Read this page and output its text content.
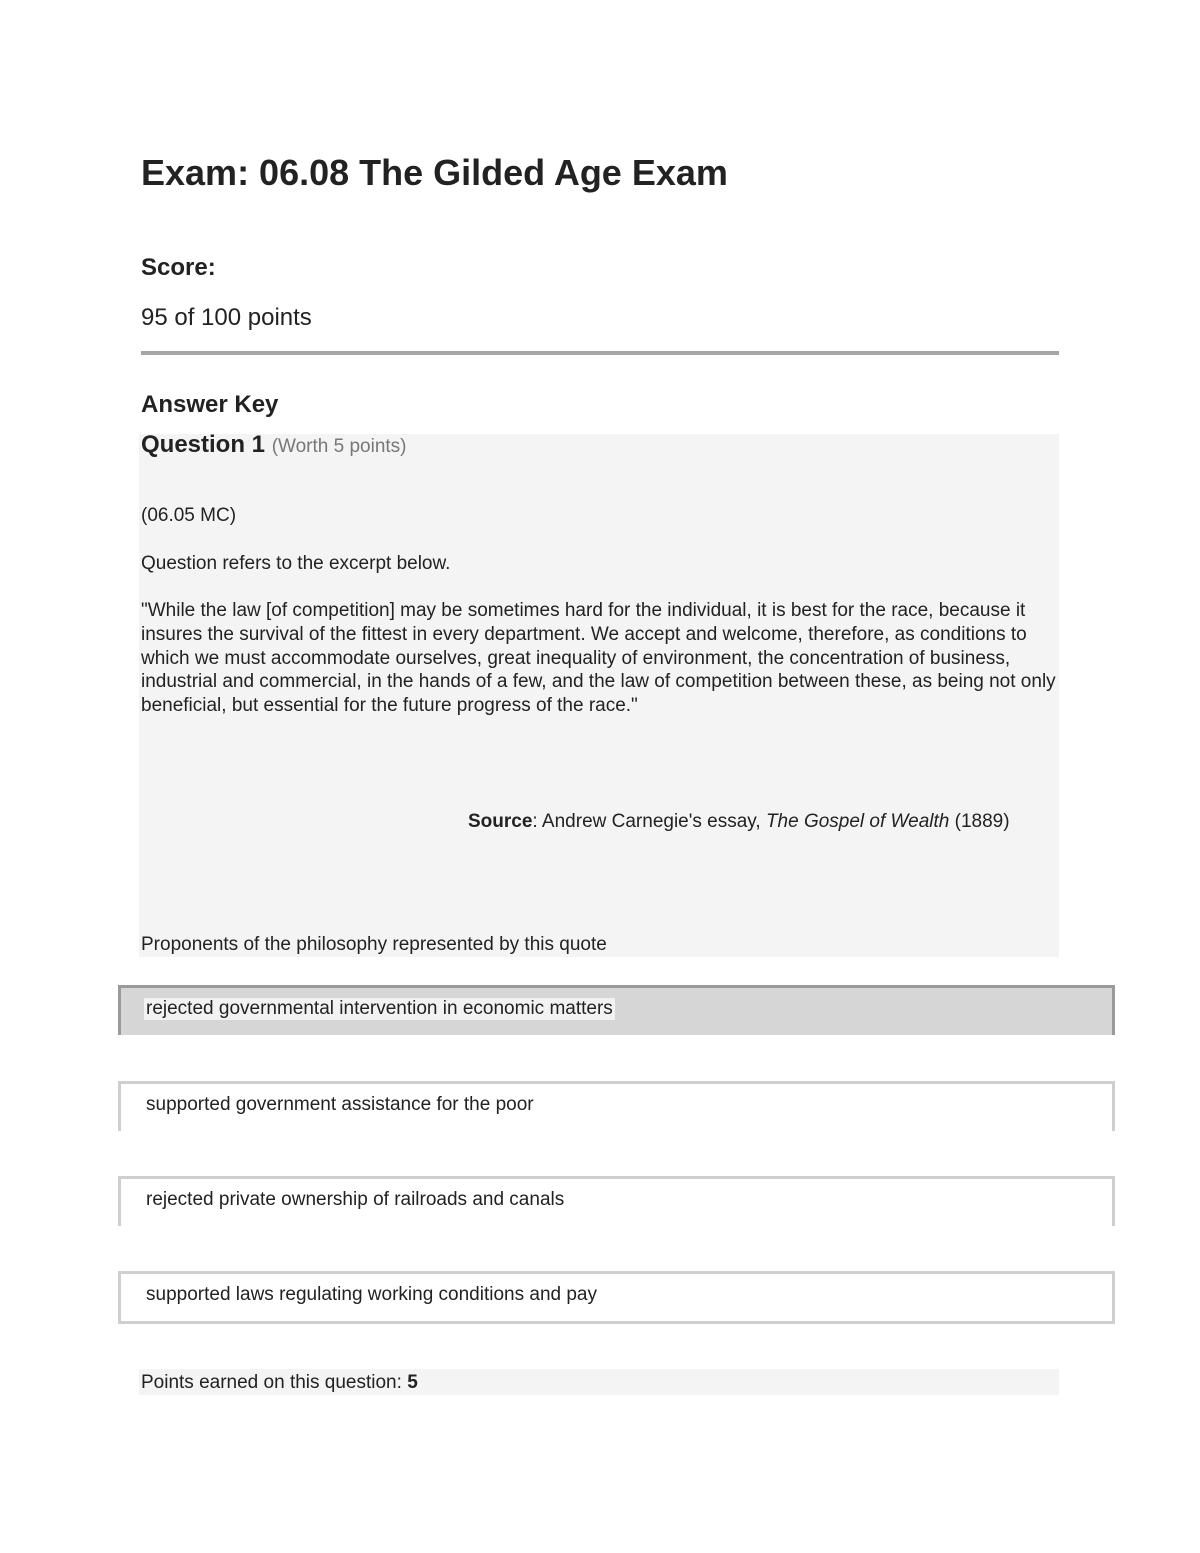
Exam: 06.08 The Gilded Age Exam
Score:
95 of 100 points
Answer Key
Question 1 (Worth 5 points)
(06.05 MC)
Question refers to the excerpt below.
"While the law [of competition] may be sometimes hard for the individual, it is best for the race, because it insures the survival of the fittest in every department. We accept and welcome, therefore, as conditions to which we must accommodate ourselves, great inequality of environment, the concentration of business, industrial and commercial, in the hands of a few, and the law of competition between these, as being not only beneficial, but essential for the future progress of the race."
Source: Andrew Carnegie's essay, The Gospel of Wealth (1889)
Proponents of the philosophy represented by this quote
rejected governmental intervention in economic matters
supported government assistance for the poor
rejected private ownership of railroads and canals
supported laws regulating working conditions and pay
Points earned on this question: 5
